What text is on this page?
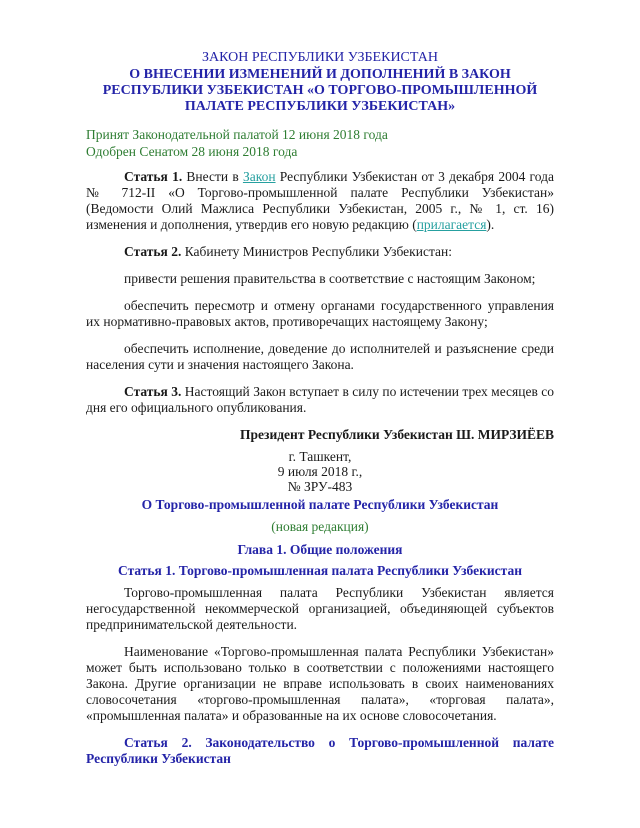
ЗАКОН РЕСПУБЛИКИ УЗБЕКИСТАН

О ВНЕСЕНИИ ИЗМЕНЕНИЙ И ДОПОЛНЕНИЙ В ЗАКОН РЕСПУБЛИКИ УЗБЕКИСТАН «О ТОРГОВО-ПРОМЫШЛЕННОЙ ПАЛАТЕ РЕСПУБЛИКИ УЗБЕКИСТАН»

Принят Законодательной палатой 12 июня 2018 года

Одобрен Сенатом 28 июня 2018 года

Статья 1. Внести в Закон Республики Узбекистан от 3 декабря 2004 года № 712-II «О Торгово-промышленной палате Республики Узбекистан» (Ведомости Олий Мажлиса Республики Узбекистан, 2005 г., № 1, ст. 16) изменения и дополнения, утвердив его новую редакцию (прилагается).

Статья 2. Кабинету Министров Республики Узбекистан:

привести решения правительства в соответствие с настоящим Законом;

обеспечить пересмотр и отмену органами государственного управления их нормативно-правовых актов, противоречащих настоящему Закону;

обеспечить исполнение, доведение до исполнителей и разъяснение среди населения сути и значения настоящего Закона.

Статья 3. Настоящий Закон вступает в силу по истечении трех месяцев со дня его официального опубликования.

Президент Республики Узбекистан Ш. МИРЗИЁЕВ

г. Ташкент,

9 июля 2018 г.,

№ ЗРУ-483

О Торгово-промышленной палате Республики Узбекистан

(новая редакция)

Глава 1. Общие положения

Статья 1. Торгово-промышленная палата Республики Узбекистан

Торгово-промышленная палата Республики Узбекистан является негосударственной некоммерческой организацией, объединяющей субъектов предпринимательской деятельности.

Наименование «Торгово-промышленная палата Республики Узбекистан» может быть использовано только в соответствии с положениями настоящего Закона. Другие организации не вправе использовать в своих наименованиях словосочетания «торгово-промышленная палата», «торговая палата», «промышленная палата» и образованные на их основе словосочетания.

Статья 2. Законодательство о Торгово-промышленной палате Республики Узбекистан
